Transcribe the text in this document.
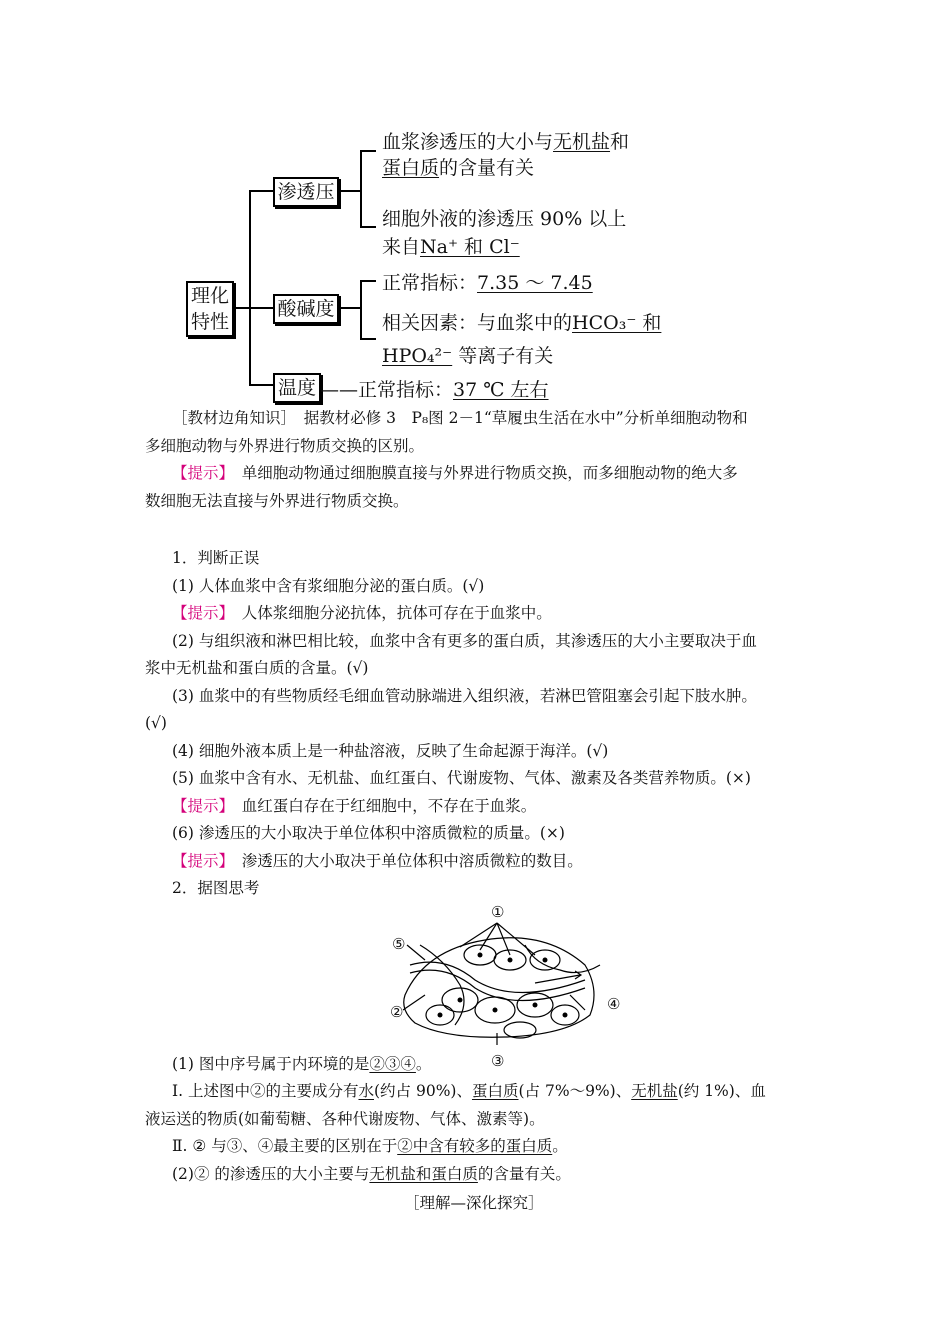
理化
特性
渗透压
酸碱度
温度
血浆渗透压的大小与无机盐和
蛋白质的含量有关
细胞外液的渗透压 90% 以上
来自Na⁺ 和 Cl⁻
正常指标：7.35 ～ 7.45
相关因素：与血浆中的HCO₃⁻ 和
HPO₄²⁻ 等离子有关
——正常指标：37 ℃ 左右
［教材边角知识］　据教材必修 3　P₈图 2－1“草履虫生活在水中”分析单细胞动物和
多细胞动物与外界进行物质交换的区别。
【提示】　单细胞动物通过细胞膜直接与外界进行物质交换，而多细胞动物的绝大多
数细胞无法直接与外界进行物质交换。
1．判断正误
(1) 人体血浆中含有浆细胞分泌的蛋白质。(√)
【提示】　人体浆细胞分泌抗体，抗体可存在于血浆中。
(2) 与组织液和淋巴相比较，血浆中含有更多的蛋白质，其渗透压的大小主要取决于血
浆中无机盐和蛋白质的含量。(√)
(3) 血浆中的有些物质经毛细血管动脉端进入组织液，若淋巴管阻塞会引起下肢水肿。
(√)
(4) 细胞外液本质上是一种盐溶液，反映了生命起源于海洋。(√)
(5) 血浆中含有水、无机盐、血红蛋白、代谢废物、气体、激素及各类营养物质。(×)
【提示】　血红蛋白存在于红细胞中，不存在于血浆。
(6) 渗透压的大小取决于单位体积中溶质微粒的质量。(×)
【提示】　渗透压的大小取决于单位体积中溶质微粒的数目。
2．据图思考
①
⑤
②	④
③
(1) 图中序号属于内环境的是②③④。
Ⅰ. 上述图中②的主要成分有水(约占 90%)、蛋白质(占 7%～9%)、无机盐(约 1%)、血
液运送的物质(如葡萄糖、各种代谢废物、气体、激素等)。
Ⅱ. ② 与③、④最主要的区别在于②中含有较多的蛋白质。
(2)② 的渗透压的大小主要与无机盐和蛋白质的含量有关。
［理解—深化探究］
